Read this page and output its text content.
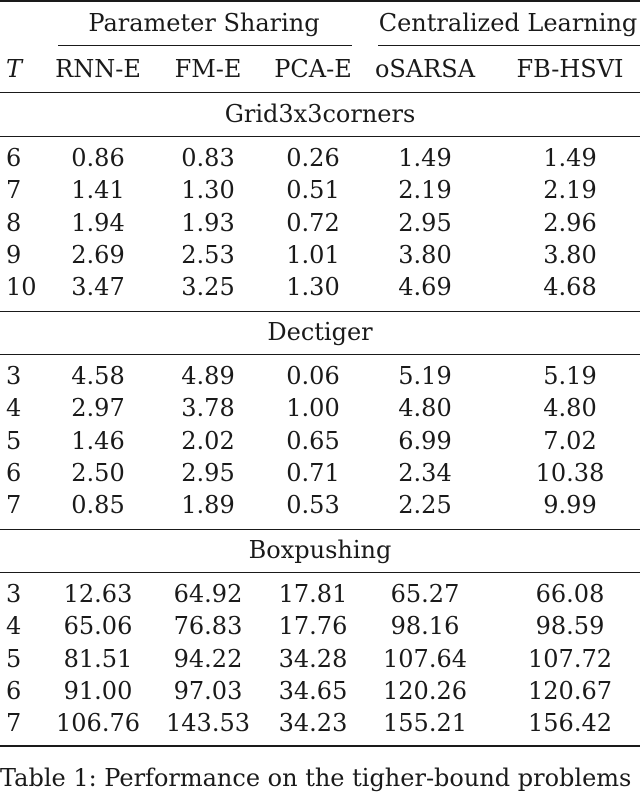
Parameter Sharing Centralized Learning
T RNN-E FM-E PCA-E oSARSA FB-HSVI
Grid3x3corners
6 0.86 0.83 0.26 1.49	1.49
7 1.41 1.30 0.51 2.19	2.19
8 1.94 1.93 0.72 2.95	2.96
9 2.69 2.53 1.01 3.80	3.80
10 3.47 3.25 1.30 4.69	4.68
Dectiger
3 4.58 4.89 0.06 5.19	5.19
4 2.97 3.78 1.00 4.80	4.80
5 1.46 2.02 0.65 6.99	7.02
6 2.50 2.95 0.71 2.34	10.38
7 0.85 1.89 0.53 2.25	9.99
Boxpushing
3 12.63 64.92 17.81 65.27	66.08
4 65.06 76.83 17.76 98.16	98.59
5 81.51 94.22 34.28 107.64	107.72
6 91.00 97.03 34.65 120.26	120.67
7 106.76 143.53 34.23 155.21	156.42
Table 1: Performance on the tigher-bound problems
